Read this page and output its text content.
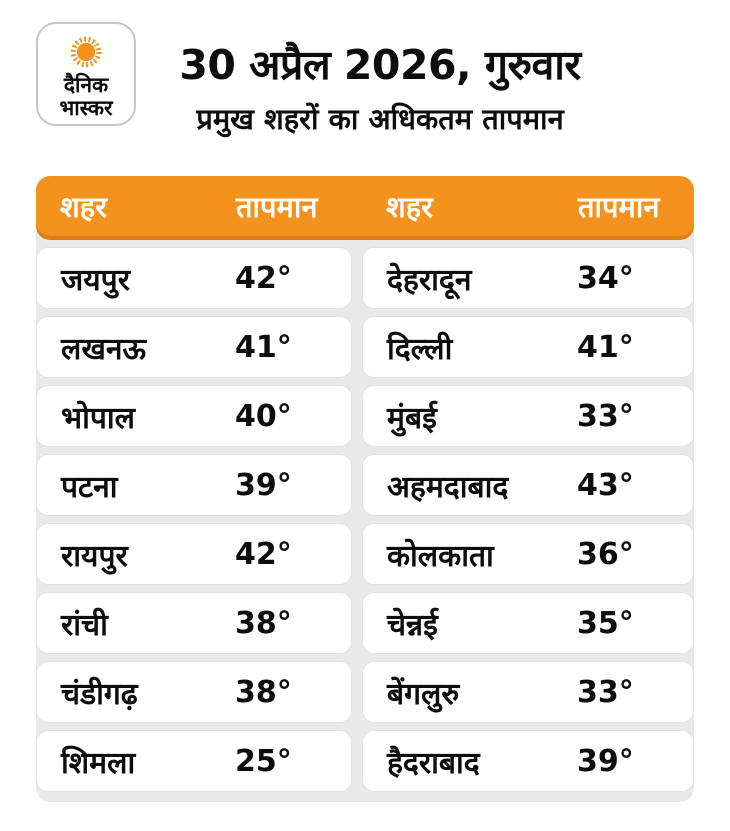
दैनिक
भास्कर
30 अप्रैल 2026, गुरुवार
प्रमुख शहरों का अधिकतम तापमान
शहर	तापमान	शहर	तापमान
जयपुर	42°	देहरादून	34°
लखनऊ	41°	दिल्ली	41°
भोपाल	40°	मुंबई	33°
पटना	39°	अहमदाबाद 43°
रायपुर	42°	कोलकाता	36°
रांची	38°	चेन्नई	35°
चंडीगढ़	38°	बेंगलुरु	33°
शिमला	25°	हैदराबाद	39°
